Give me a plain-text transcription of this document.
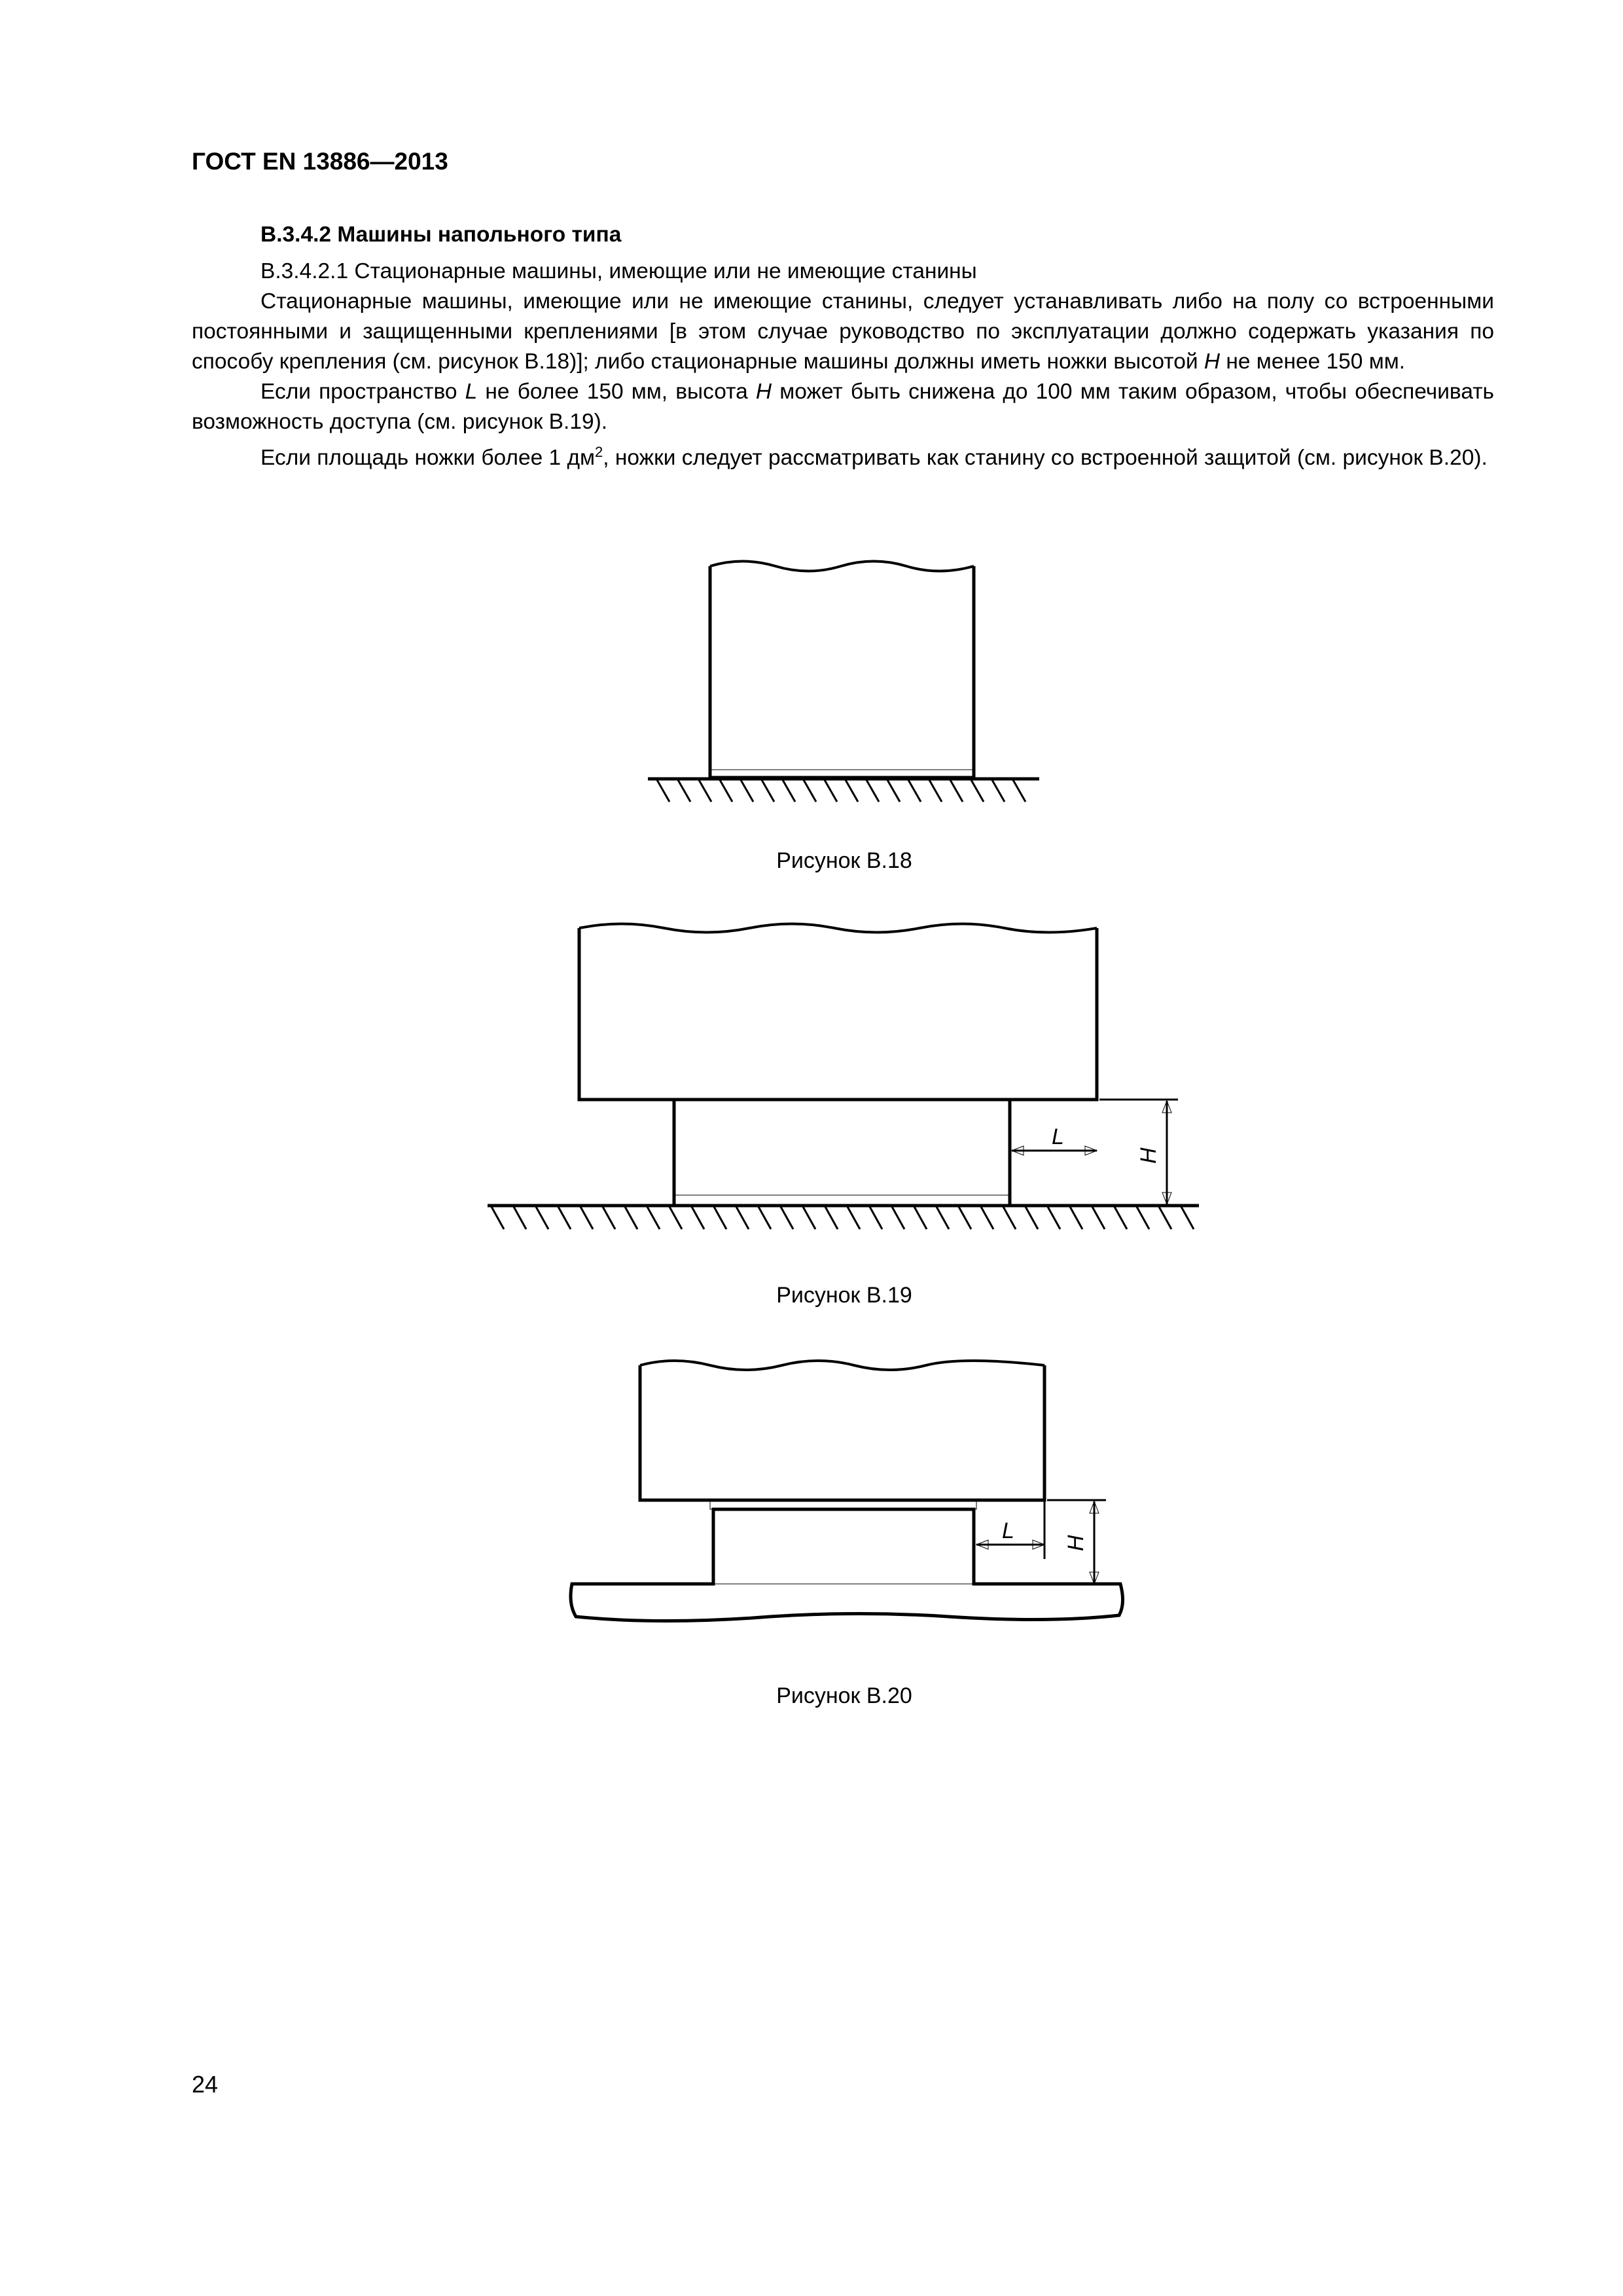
ГОСТ EN 13886—2013
В.3.4.2 Машины напольного типа

В.3.4.2.1 Стационарные машины, имеющие или не имеющие станины

Стационарные машины, имеющие или не имеющие станины, следует устанавливать либо на полу со встроенными постоянными и защищенными креплениями [в этом случае руководство по эксплуатации должно содержать указания по способу крепления (см. рисунок В.18)]; либо стационарные машины должны иметь ножки высотой H не менее 150 мм.

Если пространство L не более 150 мм, высота H может быть снижена до 100 мм таким образом, чтобы обеспечивать возможность доступа (см. рисунок В.19).

Если площадь ножки более 1 $дм^2$, ножки следует рассматривать как станину со встроенной защитой (см. рисунок В.20).

L
H
L H
Рисунок В.18
Рисунок В.19
Рисунок В.20
24
